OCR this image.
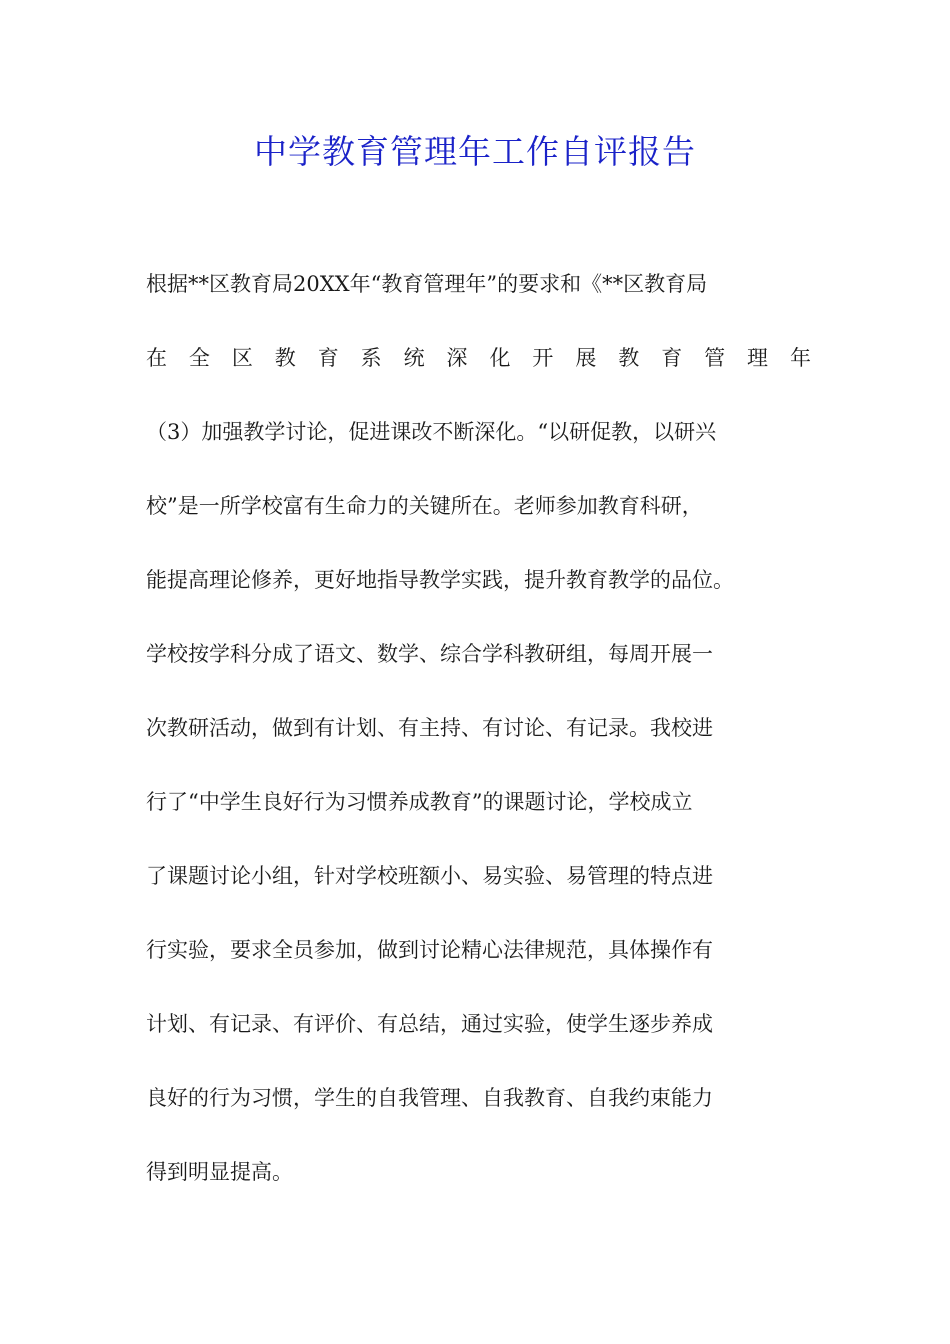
中学教育管理年工作自评报告
根据**区教育局20XX年“教育管理年”的要求和《**区教育局
在 全 区 教 育 系 统 深 化 开 展 教 育 管 理 年
（3）加强教学讨论，促进课改不断深化。“以研促教，以研兴
校”是一所学校富有生命力的关键所在。老师参加教育科研，
能提高理论修养，更好地指导教学实践，提升教育教学的品位。
学校按学科分成了语文、数学、综合学科教研组，每周开展一
次教研活动，做到有计划、有主持、有讨论、有记录。我校进
行了“中学生良好行为习惯养成教育”的课题讨论，学校成立
了课题讨论小组，针对学校班额小、易实验、易管理的特点进
行实验，要求全员参加，做到讨论精心法律规范，具体操作有
计划、有记录、有评价、有总结，通过实验，使学生逐步养成
良好的行为习惯，学生的自我管理、自我教育、自我约束能力
得到明显提高。
